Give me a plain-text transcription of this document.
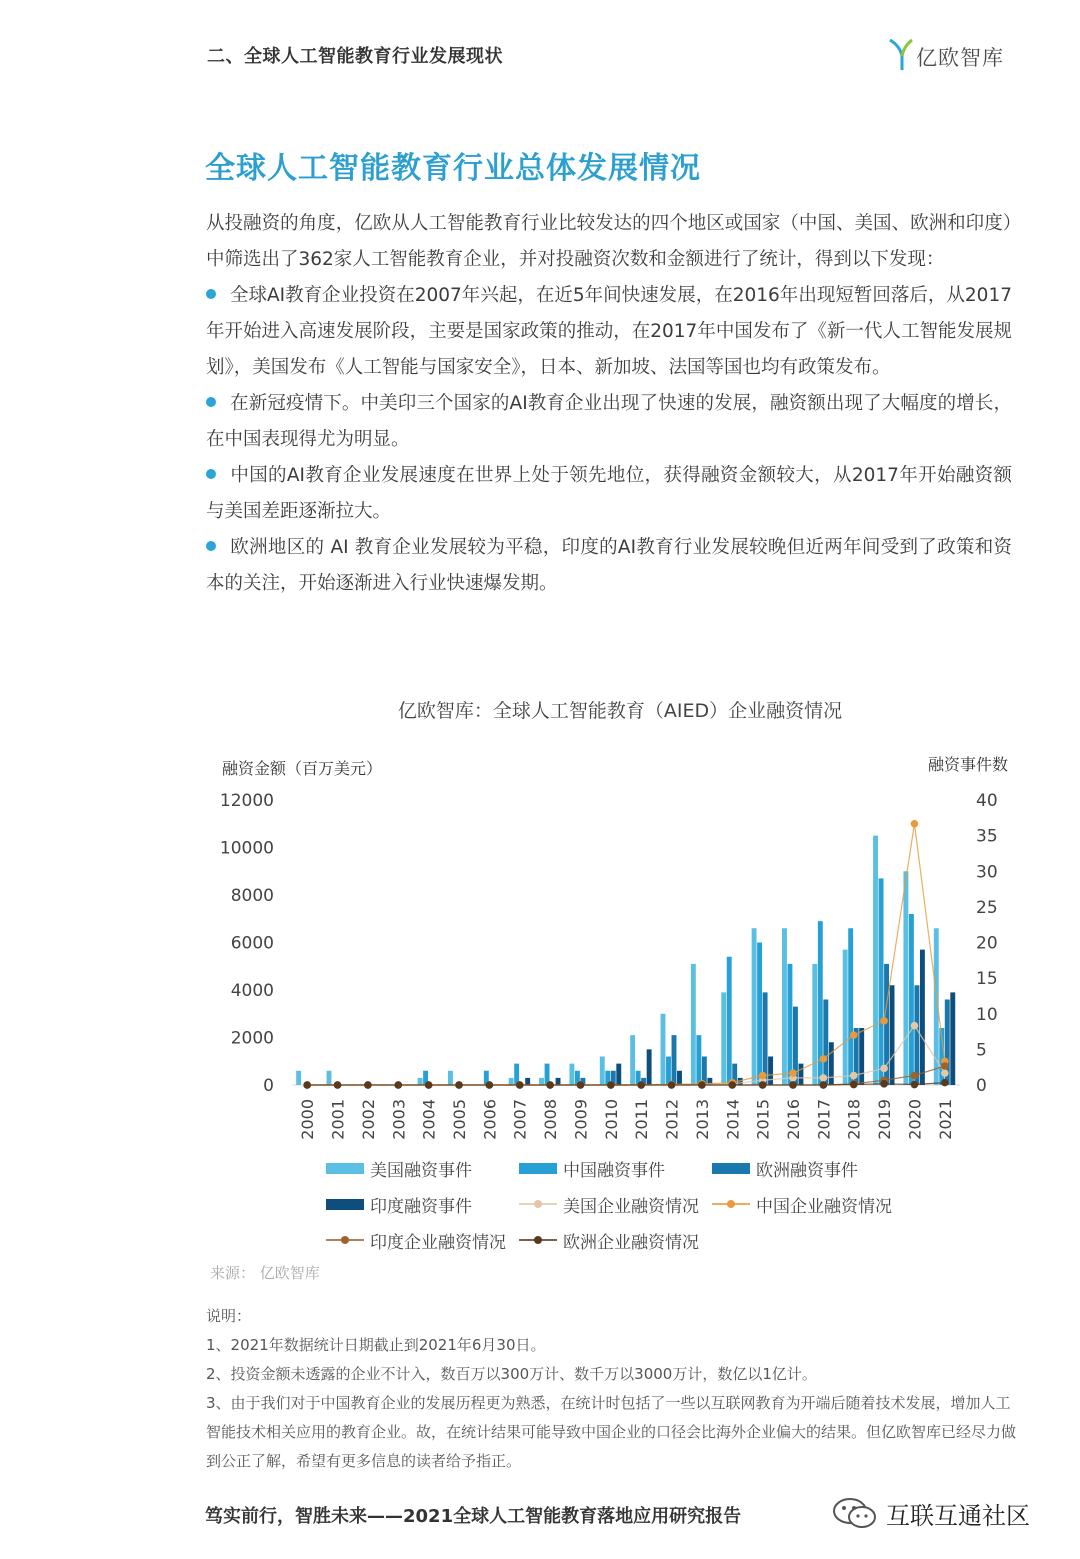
二、全球人工智能教育行业发展现状	亿欧智库
全球人工智能教育行业总体发展情况

从投融资的角度，亿欧从人工智能教育行业比较发达的四个地区或国家（中国、美国、欧洲和印度）中筛选出了362家人工智能教育企业，并对投融资次数和金额进行了统计，得到以下发现：

全球AI教育企业投资在2007年兴起，在近5年间快速发展，在2016年出现短暂回落后，从2017年开始进入高速发展阶段，主要是国家政策的推动，在2017年中国发布了《新一代人工智能发展规划》，美国发布《人工智能与国家安全》，日本、新加坡、法国等国也均有政策发布。

在新冠疫情下。中美印三个国家的AI教育企业出现了快速的发展，融资额出现了大幅度的增长，在中国表现得尤为明显。

中国的AI教育企业发展速度在世界上处于领先地位，获得融资金额较大，从2017年开始融资额与美国差距逐渐拉大。

欧洲地区的 AI 教育企业发展较为平稳，印度的AI教育行业发展较晚但近两年间受到了政策和资本的关注，开始逐渐进入行业快速爆发期。

亿欧智库：全球人工智能教育（AIED）企业融资情况
融资金额（百万美元）	融资事件数
12000
10000
8000
6000
4000
2000
0
40
35
30
25
20
15
10
5
0
2000 2001 2002 2003 2004 2005 2006 2007 2008 2009 2010 2011 2012 2013 2014 2015 2016 2017 2018 2019 2020 2021
美国融资事件	中国融资事件	欧洲融资事件
印度融资事件	美国企业融资情况	中国企业融资情况
印度企业融资情况	欧洲企业融资情况
来源： 亿欧智库

说明：

1、2021年数据统计日期截止到2021年6月30日。

2、投资金额未透露的企业不计入，数百万以300万计、数千万以3000万计，数亿以1亿计。

3、由于我们对于中国教育企业的发展历程更为熟悉，在统计时包括了一些以互联网教育为开端后随着技术发展，增加人工智能技术相关应用的教育企业。故，在统计结果可能导致中国企业的口径会比海外企业偏大的结果。但亿欧智库已经尽力做到公正了解，希望有更多信息的读者给予指正。

笃实前行，智胜未来——2021全球人工智能教育落地应用研究报告	互联互通社区
